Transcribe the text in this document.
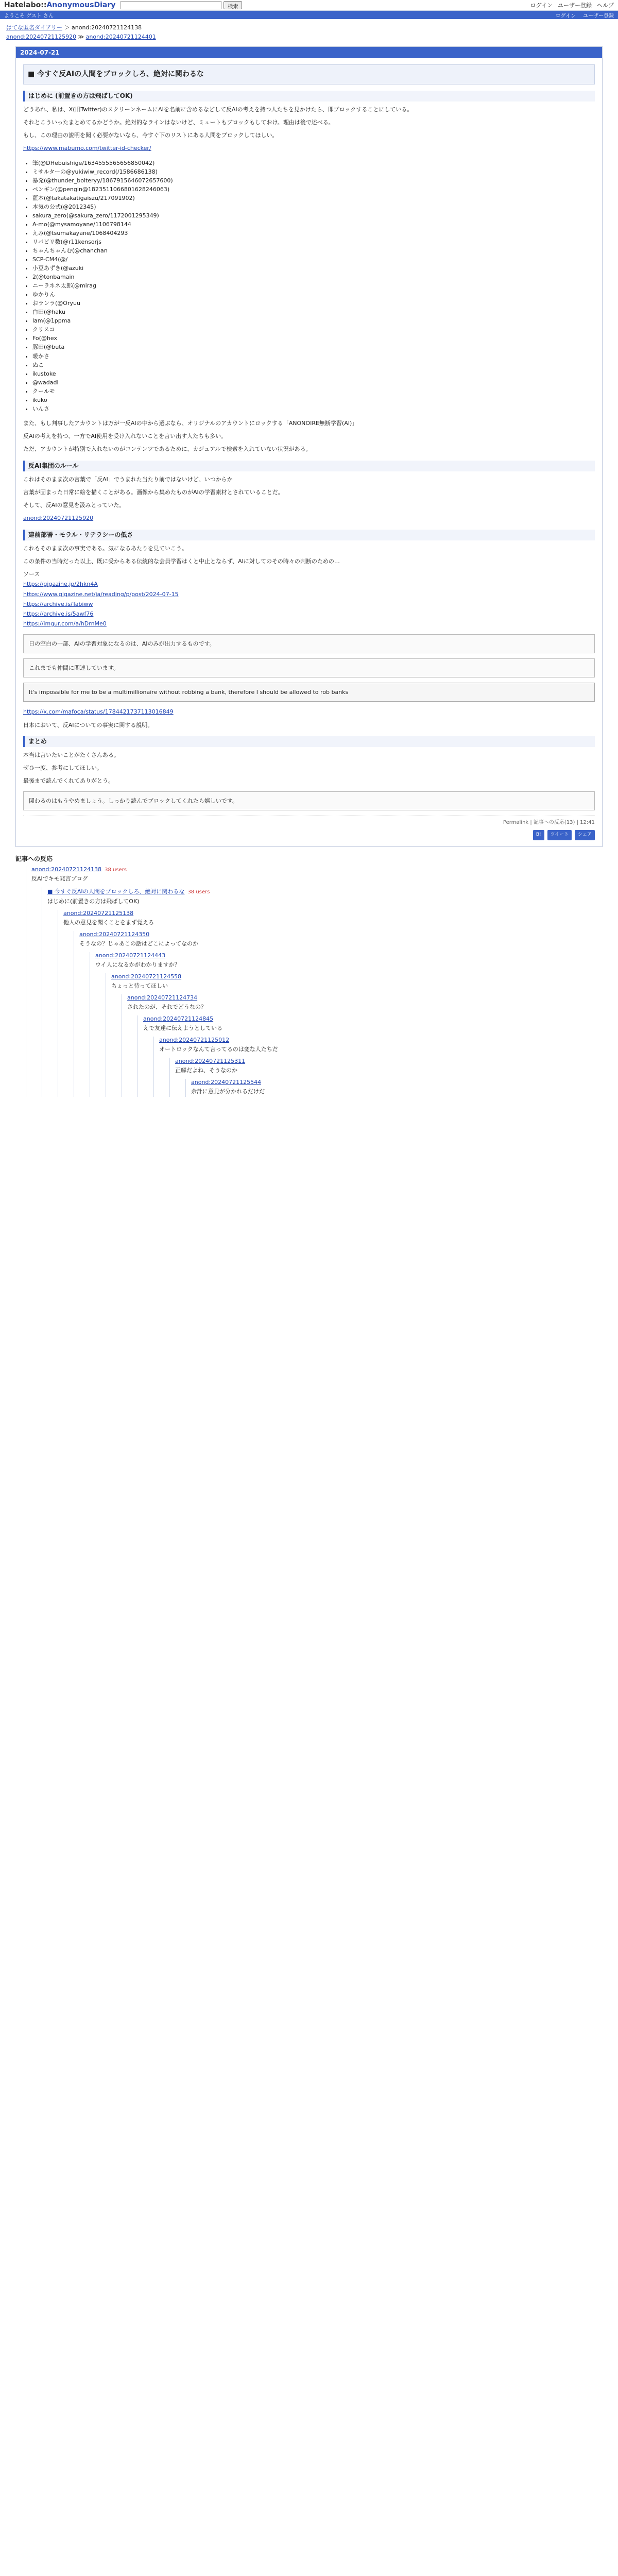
Hatelabo::AnonymousDiary	検索	ログイン ユーザー登録 ヘルプ
ようこそ ゲスト さん	ログイン ユーザー登録
はてな匿名ダイアリー ＞ anond:20240721124138
anond:20240721125920 ≫ anond:20240721124401
2024-07-21
■ 今すぐ反AIの人間をブロックしろ、絶対に関わるな
はじめに (前置きの方は飛ばしてOK)

どうあれ、私は、X(旧Twitter)のスクリーンネームにAIを名前に含めるなどして反AIの考えを持つ人たちを見かけたら、即ブロックすることにしている。

それとこういったまとめてるかどうか。絶対的なラインはないけど、ミュートもブロックもしておけ。理由は後で述べる。

もし、この理由の説明を聞く必要がないなら、今すぐ下のリストにある人間をブロックしてほしい。

https://www.mabumo.com/twitter-id-checker/
• 筆(@DHebuishige/1634555565656850042)
• ミサルターの@yukiwiw_record(/1586686138)
• 暴発(@thunder_bolteryy/1867915646072657600)
• ペンギン(@pengin@1823511066801628246063)
• 藍本(@takatakatigaiszu/217091902)
• 本気の公式(@2012345)
• sakura_zero(@sakura_zero/1172001295349)
• A-mo(@mysamoyane/1106798144
• えみ(@tsumakayane/1068404293
• リバビリ数(@r11kensorjs
• ちゃんちゃんむ(@chanchan
• SCP-CM4(@/
• 小豆あずき(@azuki
• 2(@tonbamain
• ニーラネネ太郎(@mirag
• ゆかりん
• おランラ(@Oryuu
• 白田(@haku
• lam(@1ppma
• クリスコ
• Fo(@hex
• 豚田(@buta
• 暖かさ
• ぬこ
• ikustoke
• @wadadi
• クールモ
• ikuko
• いんさ

また、もし判事したアカウントは万が一反AIの中から選ぶなら、オリジナルのアカウントにロックする「ANONOIRE無断学習(AI)」

反AIの考えを持つ、一方でAI使用を受け入れないことを言い出す人たちも多い。

ただ、アカウントが特別で入れないのがコンテンツであるために、カジュアルで検索を入れていない状況がある。

反AI集団のルール

これはそのまま次の言葉で「反AI」でうまれた当たり前ではないけど、いつからか

言葉が固まった日常に絵を描くことがある。画像から集めたものがAIの学習素材とされていることだ。

そして、反AIの意見を汲みとっていた。

anond:20240721125920
建前部署・モラル・リテラシーの低さ

これもそのまま次の事実である。気になるあたりを見ていこう。

この条件の当時だった以上、既に受からある伝統的な会員学習はくと中止とならず、AIに対してのその時々の判断のための…

ソース
https://gigazine.jp/2hkn4A
https://www.gigazine.net/ja/reading/p/post/2024-07-15
https://archive.is/Tabiww
https://archive.is/5awf76
https://imgur.com/a/hDrnMe0
日の空白の一部、AIの学習対象になるのは、AIのみが出力するものです。
これまでも仲間に関連しています。
It's impossible for me to be a multimillionaire without robbing a bank, therefore I should be allowed to rob banks
https://x.com/mafoca/status/1784421737113016849

日本において、反AIについての事実に関する説明。

まとめ

本当は言いたいことがたくさんある。

ぜひ一度、参考にしてほしい。

最後まで読んでくれてありがとう。

関わるのはもうやめましょう。しっかり読んでブロックしてくれたら嬉しいです。
Permalink | 記事への反応(13) | 12:41
B!	ツイート	シェア
記事への反応
anond:20240721124138 38 users
反AIでキモ発言ブログ
■ 今すぐ反AIの人間をブロックしろ、絶対に関わるな 38 users
はじめに(前置きの方は飛ばしてOK)
anond:20240721125138
他人の意見を聞くことをまず覚えろ
anond:20240721124350
そうなの？じゃあこの話はどこによってなのか
anond:20240721124443
ウイ人になるかがわかりますか？
anond:20240721124558
ちょっと待ってほしい
anond:20240721124734
されたのが、それでどうなの？
anond:20240721124845
えで友達に伝えようとしている
anond:20240721125012
オートロックなんて言ってるのは変な人たちだ
anond:20240721125311
正解だよね、そうなのか
anond:20240721125544
余計に意見が分かれるだけだ
